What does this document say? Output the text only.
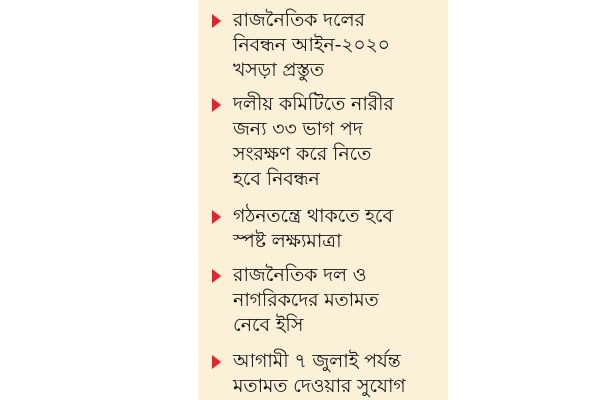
রাজনৈতিক দলের
নিবন্ধন আইন-২০২০
খসড়া প্রস্তুত
দলীয় কমিটিতে নারীর
জন্য ৩৩ ভাগ পদ
সংরক্ষণ করে নিতে
হবে নিবন্ধন
গঠনতন্ত্রে থাকতে হবে
স্পষ্ট লক্ষ্যমাত্রা
রাজনৈতিক দল ও
নাগরিকদের মতামত
নেবে ইসি
আগামী ৭ জুলাই পর্যন্ত
মতামত দেওয়ার সুযোগ
